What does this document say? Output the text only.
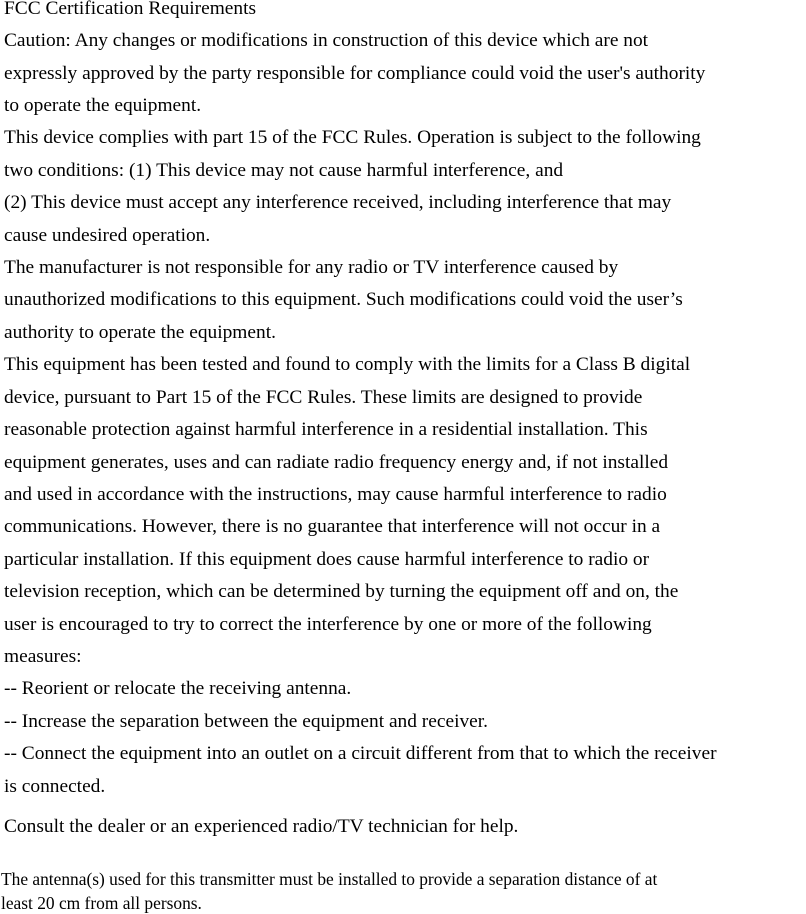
FCC Certification Requirements
Caution: Any changes or modifications in construction of this device which are not
expressly approved by the party responsible for compliance could void the user's authority
to operate the equipment.
This device complies with part 15 of the FCC Rules. Operation is subject to the following
two conditions: (1) This device may not cause harmful interference, and
(2) This device must accept any interference received, including interference that may
cause undesired operation.
The manufacturer is not responsible for any radio or TV interference caused by
unauthorized modifications to this equipment. Such modifications could void the user’s
authority to operate the equipment.
This equipment has been tested and found to comply with the limits for a Class B digital
device, pursuant to Part 15 of the FCC Rules. These limits are designed to provide
reasonable protection against harmful interference in a residential installation. This
equipment generates, uses and can radiate radio frequency energy and, if not installed
and used in accordance with the instructions, may cause harmful interference to radio
communications. However, there is no guarantee that interference will not occur in a
particular installation. If this equipment does cause harmful interference to radio or
television reception, which can be determined by turning the equipment off and on, the
user is encouraged to try to correct the interference by one or more of the following
measures:
-- Reorient or relocate the receiving antenna.
-- Increase the separation between the equipment and receiver.
-- Connect the equipment into an outlet on a circuit different from that to which the receiver
is connected.
Consult the dealer or an experienced radio/TV technician for help.
The antenna(s) used for this transmitter must be installed to provide a separation distance of at
least 20 cm from all persons.
